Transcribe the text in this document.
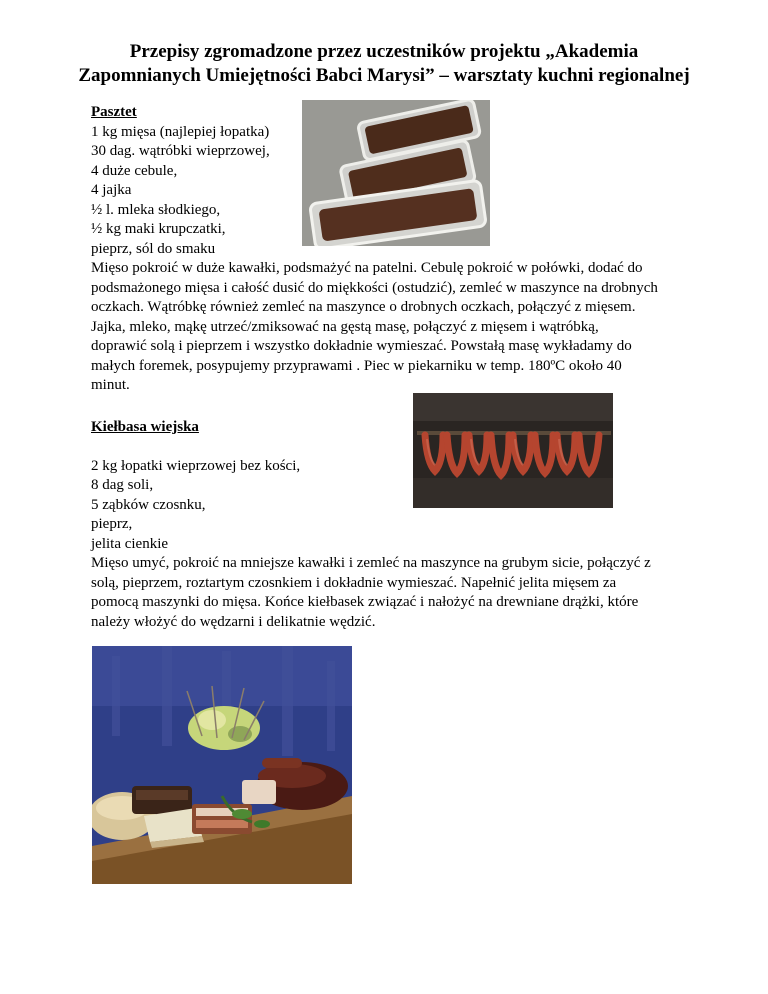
Przepisy zgromadzone przez uczestników projektu „Akademia
Zapomnianych Umiejętności Babci Marysi” – warsztaty kuchni regionalnej
Pasztet
1 kg mięsa (najlepiej łopatka)
30 dag. wątróbki wieprzowej,
4 duże cebule,
4 jajka
½ l. mleka słodkiego,
½ kg maki krupczatki,
pieprz, sól do smaku
Mięso pokroić w duże kawałki, podsmażyć na patelni. Cebulę pokroić w połówki, dodać do
podsmażonego mięsa i całość dusić do miękkości (ostudzić), zemleć w maszynce na drobnych
oczkach. Wątróbkę również zemleć na maszynce o drobnych oczkach, połączyć z mięsem.
Jajka, mleko, mąkę utrzeć/zmiksować na gęstą masę, połączyć z mięsem i wątróbką,
doprawić solą i pieprzem i wszystko dokładnie wymieszać. Powstałą masę wykładamy do
małych foremek, posypujemy przyprawami . Piec w piekarniku w temp. 180ºC około 40
minut.
Kiełbasa wiejska
2 kg łopatki wieprzowej bez kości,
8 dag soli,
5 ząbków czosnku,
pieprz,
jelita cienkie
Mięso umyć, pokroić na mniejsze kawałki i zemleć na maszynce na grubym sicie, połączyć z
solą, pieprzem, roztartym czosnkiem i dokładnie wymieszać. Napełnić jelita mięsem za
pomocą maszynki do mięsa. Końce kiełbasek związać i nałożyć na drewniane drążki, które
należy włożyć do wędzarni i delikatnie wędzić.
